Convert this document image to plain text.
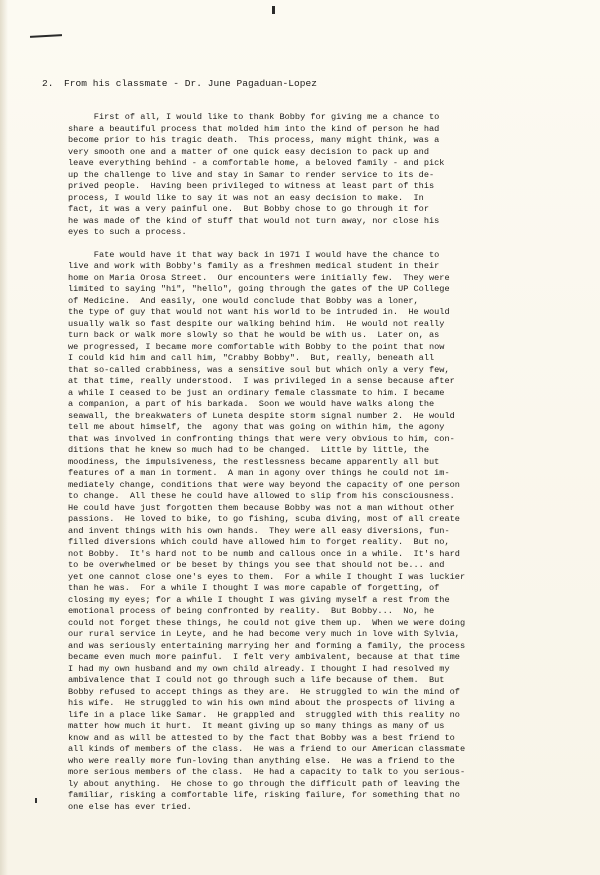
2. From his classmate - Dr. June Pagaduan-Lopez

First of all, I would like to thank Bobby for giving me a chance to
share a beautiful process that molded him into the kind of person he had
become prior to his tragic death.  This process, many might think, was a
very smooth one and a matter of one quick easy decision to pack up and
leave everything behind - a comfortable home, a beloved family - and pick
up the challenge to live and stay in Samar to render service to its de-
prived people.  Having been privileged to witness at least part of this
process, I would like to say it was not an easy decision to make.  In
fact, it was a very painful one.  But Bobby chose to go through it for
he was made of the kind of stuff that would not turn away, nor close his
eyes to such a process.

Fate would have it that way back in 1971 I would have the chance to
live and work with Bobby's family as a freshmen medical student in their
home on Maria Orosa Street.  Our encounters were initially few.  They were
limited to saying "hi", "hello", going through the gates of the UP College
of Medicine.  And easily, one would conclude that Bobby was a loner,
the type of guy that would not want his world to be intruded in.  He would
usually walk so fast despite our walking behind him.  He would not really
turn back or walk more slowly so that he would be with us.  Later on, as
we progressed, I became more comfortable with Bobby to the point that now
I could kid him and call him, "Crabby Bobby".  But, really, beneath all
that so-called crabbiness, was a sensitive soul but which only a very few,
at that time, really understood.  I was privileged in a sense because after
a while I ceased to be just an ordinary female classmate to him. I became
a companion, a part of his barkada.  Soon we would have walks along the
seawall, the breakwaters of Luneta despite storm signal number 2.  He would
tell me about himself, the  agony that was going on within him, the agony
that was involved in confronting things that were very obvious to him, con-
ditions that he knew so much had to be changed.  Little by little, the
moodiness, the impulsiveness, the restlessness became apparently all but
features of a man in torment.  A man in agony over things he could not im-
mediately change, conditions that were way beyond the capacity of one person
to change.  All these he could have allowed to slip from his consciousness.
He could have just forgotten them because Bobby was not a man without other
passions.  He loved to bike, to go fishing, scuba diving, most of all create
and invent things with his own hands.  They were all easy diversions, fun-
filled diversions which could have allowed him to forget reality.  But no,
not Bobby.  It's hard not to be numb and callous once in a while.  It's hard
to be overwhelmed or be beset by things you see that should not be... and
yet one cannot close one's eyes to them.  For a while I thought I was luckier
than he was.  For a while I thought I was more capable of forgetting, of
closing my eyes; for a while I thought I was giving myself a rest from the
emotional process of being confronted by reality.  But Bobby...  No, he
could not forget these things, he could not give them up.  When we were doing
our rural service in Leyte, and he had become very much in love with Sylvia,
and was seriously entertaining marrying her and forming a family, the process
became even much more painful.  I felt very ambivalent, because at that time
I had my own husband and my own child already. I thought I had resolved my
ambivalence that I could not go through such a life because of them.  But
Bobby refused to accept things as they are.  He struggled to win the mind of
his wife.  He struggled to win his own mind about the prospects of living a
life in a place like Samar.  He grappled and  struggled with this reality no
matter how much it hurt.  It meant giving up so many things as many of us
know and as will be attested to by the fact that Bobby was a best friend to
all kinds of members of the class.  He was a friend to our American classmate
who were really more fun-loving than anything else.  He was a friend to the
more serious members of the class.  He had a capacity to talk to you serious-
ly about anything.  He chose to go through the difficult path of leaving the
familiar, risking a comfortable life, risking failure, for something that no
one else has ever tried.
